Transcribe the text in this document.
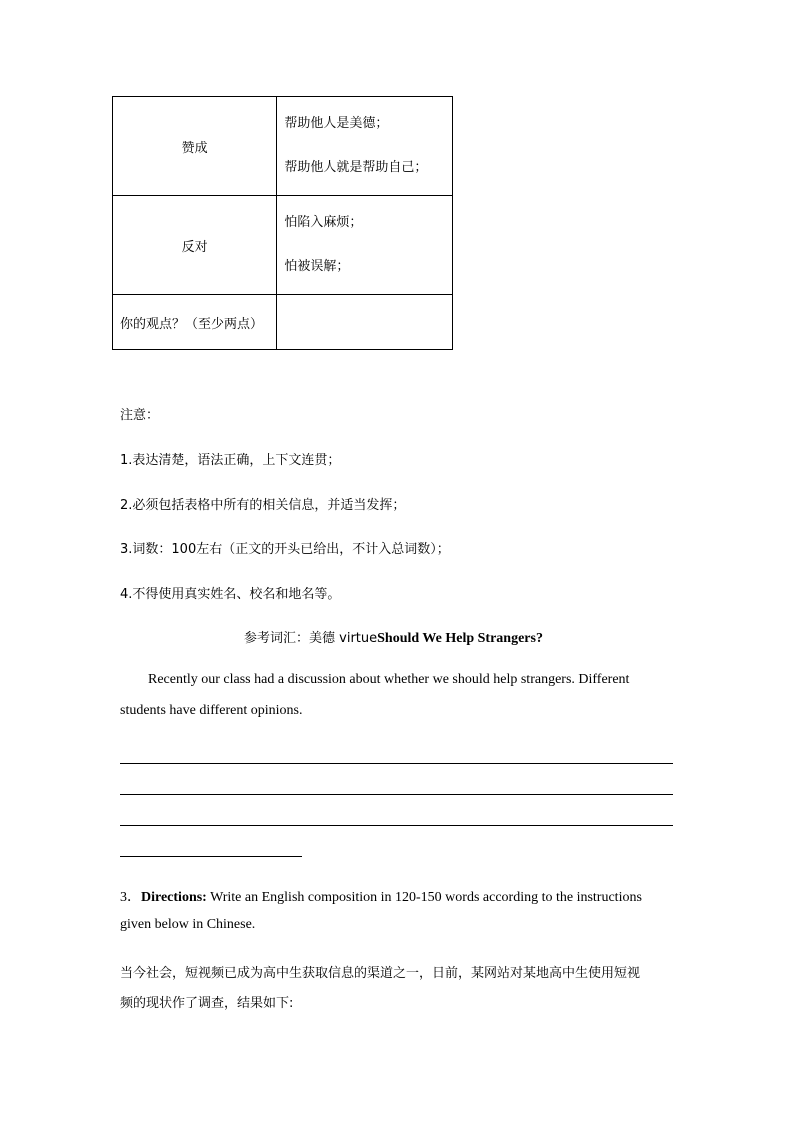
赞成	帮助他人是美德；
帮助他人就是帮助自己；

反对	怕陷入麻烦；
怕被误解；

你的观点？（至少两点）	
注意：
1.表达清楚，语法正确，上下文连贯；
2.必须包括表格中所有的相关信息，并适当发挥；
3.词数：100左右（正文的开头已给出，不计入总词数）；
4.不得使用真实姓名、校名和地名等。
参考词汇：美德 virtueShould We Help Strangers?
Recently our class had a discussion about whether we should help strangers. Different
students have different opinions.
3．Directions: Write an English composition in 120-150 words according to the instructions
given below in Chinese.
当今社会，短视频已成为高中生获取信息的渠道之一，日前，某网站对某地高中生使用短视
频的现状作了调查，结果如下:
